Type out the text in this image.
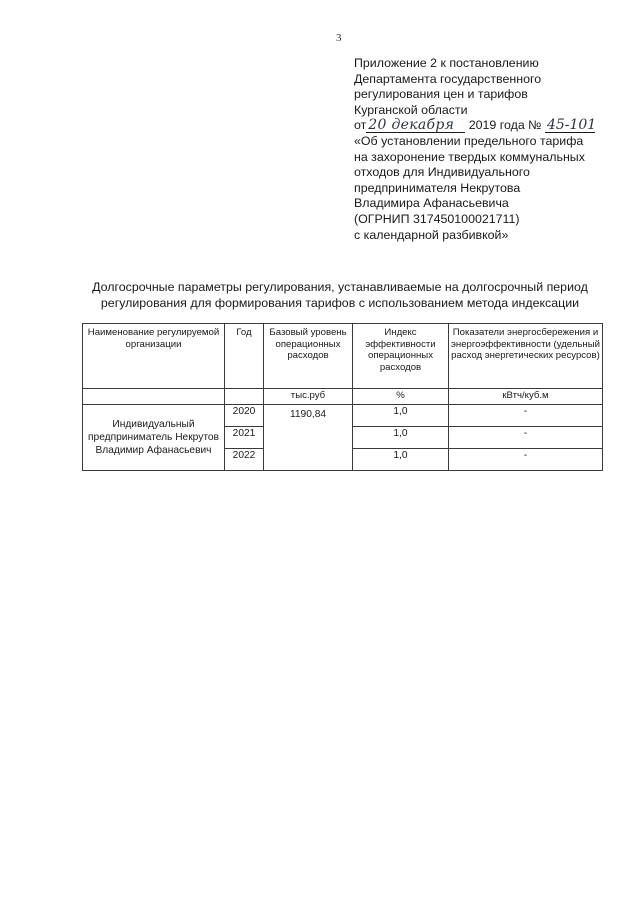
3
Приложение 2 к постановлению
Департамента государственного
регулирования цен и тарифов
Курганской области
от 20 декабря 2019 года № 45-101
«Об установлении предельного тарифа
на захоронение твердых коммунальных
отходов для Индивидуального
предпринимателя Некрутова
Владимира Афанасьевича
(ОГРНИП 317450100021711)
с календарной разбивкой»
Долгосрочные параметры регулирования, устанавливаемые на долгосрочный период
регулирования для формирования тарифов с использованием метода индексации
Наименование регулируемой организации	Год	Базовый уровень операционных расходов	Индекс эффективности операционных расходов	Показатели энергосбережения и энергоэффективности (удельный расход энергетических ресурсов)
		тыс.руб	%	кВтч/куб.м
Индивидуальный предприниматель Некрутов Владимир Афанасьевич	2020	1190,84	1,0	-
	2021		1,0	-
	2022		1,0	-
